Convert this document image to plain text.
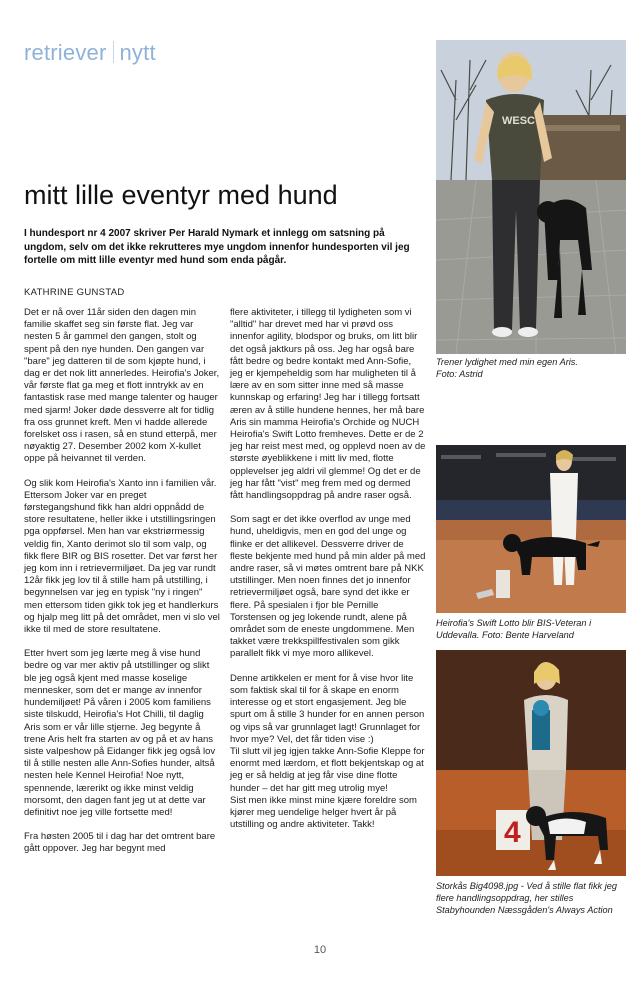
retriever nytt
mitt lille eventyr med hund

I hundesport nr 4 2007 skriver Per Harald Nymark et innlegg om satsning på ungdom, selv om det ikke rekrutteres mye ungdom innenfor hundesporten vil jeg fortelle om mitt lille eventyr med hund som enda pågår.

KATHRINE GUNSTAD

Det er nå over 11år siden den dagen min familie skaffet seg sin første flat. Jeg var nesten 5 år gammel den gangen, stolt og spent på den nye hunden. Den gangen var "bare" jeg datteren til de som kjøpte hund, i dag er det nok litt annerledes. Heirofia's Joker, vår første flat ga meg et flott inntrykk av en fantastisk rase med mange talenter og hauger med sjarm! Joker døde dessverre alt for tidlig fra oss grunnet kreft. Men vi hadde allerede forelsket oss i rasen, så en stund etterpå, mer nøyaktig 27. Desember 2002 kom X-kullet oppe på heivannet til verden.

Og slik kom Heirofia's Xanto inn i familien vår. Ettersom Joker var en preget førstegangshund fikk han aldri oppnådd de store resultatene, heller ikke i utstillingsringen pga oppførsel. Men han var ekstriørmessig veldig fin, Xanto derimot slo til som valp, og fikk flere BIR og BIS rosetter. Det var først her jeg kom inn i retrievermiljøet. Da jeg var rundt 12år fikk jeg lov til å stille ham på utstilling, i begynnelsen var jeg en typisk "ny i ringen" men ettersom tiden gikk tok jeg et handlerkurs og hjalp meg litt på det området, men vi slo vel ikke til med de store resultatene.

Etter hvert som jeg lærte meg å vise hund bedre og var mer aktiv på utstillinger og slikt ble jeg også kjent med masse koselige mennesker, som det er mange av innenfor hundemiljøet! På våren i 2005 kom familiens siste tilskudd, Heirofia's Hot Chilli, til daglig Aris som er vår lille stjerne. Jeg begynte å trene Aris helt fra starten av og på et av hans siste valpeshow på Eidanger fikk jeg også lov til å stille nesten alle Ann-Sofies hunder, altså nesten hele Kennel Heirofia! Noe nytt, spennende, lærerikt og ikke minst veldig morsomt, den dagen fant jeg ut at dette var definitivt noe jeg ville fortsette med!

Fra høsten 2005 til i dag har det omtrent bare gått oppover. Jeg har begynt med

flere aktiviteter, i tillegg til lydigheten som vi "alltid" har drevet med har vi prøvd oss innenfor agility, blodspor og bruks, om litt blir det også jaktkurs på oss. Jeg har også bare fått bedre og bedre kontakt med Ann-Sofie, jeg er kjempeheldig som har muligheten til å lære av en som sitter inne med så masse kunnskap og erfaring! Jeg har i tillegg fortsatt æren av å stille hundene hennes, her må bare Aris sin mamma Heirofia's Orchide og NUCH Heirofia's Swift Lotto fremheves. Dette er de 2 jeg har reist mest med, og opplevd noen av de største øyeblikkene i mitt liv med, flotte opplevelser jeg aldri vil glemme! Og det er de jeg har fått "vist" meg frem med og dermed fått handlingsoppdrag på andre raser også.

Som sagt er det ikke overflod av unge med hund, uheldigvis, men en god del unge og flinke er det allikevel. Dessverre driver de fleste bekjente med hund på min alder på med andre raser, så vi møtes omtrent bare på NKK utstillinger. Men noen finnes det jo innenfor retrievermiljøet også, bare synd det ikke er flere. På spesialen i fjor ble Pernille Torstensen og jeg lokende rundt, alene på området som de eneste ungdommene. Men takket være trekkspillfestivalen som gikk parallelt fikk vi mye moro allikevel.

Denne artikkelen er ment for å vise hvor lite som faktisk skal til for å skape en enorm interesse og et stort engasjement. Jeg ble spurt om å stille 3 hunder for en annen person og vips så var grunnlaget lagt! Grunnlaget for hvor mye? Vel, det får tiden vise :)
Til slutt vil jeg igjen takke Ann-Sofie Kleppe for enormt med lærdom, et flott bekjentskap og at jeg er så heldig at jeg får vise dine flotte hunder – det har gitt meg utrolig mye!
Sist men ikke minst mine kjære foreldre som kjører meg uendelige helger hvert år på utstilling og andre aktiviteter. Takk!

WESC
Trener lydighet med min egen Aris.
Foto: Astrid
Heirofia's Swift Lotto blir BIS-Veteran i Uddevalla. Foto: Bente Harveland
4
Storkås Big4098.jpg - Ved å stille flat fikk jeg flere handlingsoppdrag, her stilles Stabyhounden Næssgåden's Always Action
10
